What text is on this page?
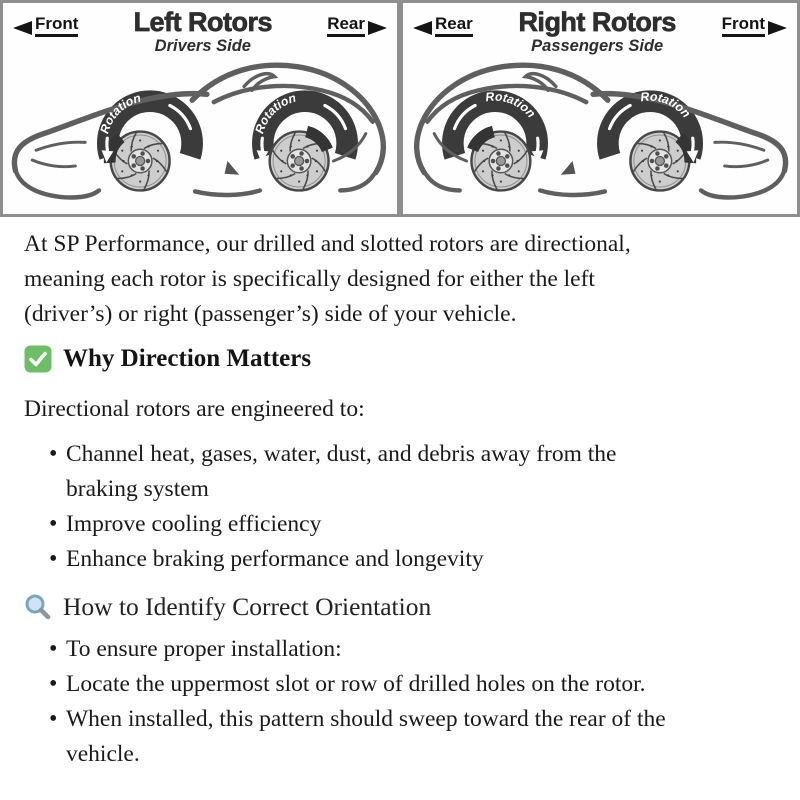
Front	Left Rotors
Drivers Side
Rear
Rotation
Rotation
Rear	Right Rotors
Passengers Side
Front
Rotation
Rotation
At SP Performance, our drilled and slotted rotors are directional,
meaning each rotor is specifically designed for either the left
(driver’s) or right (passenger’s) side of your vehicle.
Why Direction Matters
Directional rotors are engineered to:
• Channel heat, gases, water, dust, and debris away from the
braking system
• Improve cooling efficiency
• Enhance braking performance and longevity
How to Identify Correct Orientation
• To ensure proper installation:
• Locate the uppermost slot or row of drilled holes on the rotor.
• When installed, this pattern should sweep toward the rear of the
vehicle.
